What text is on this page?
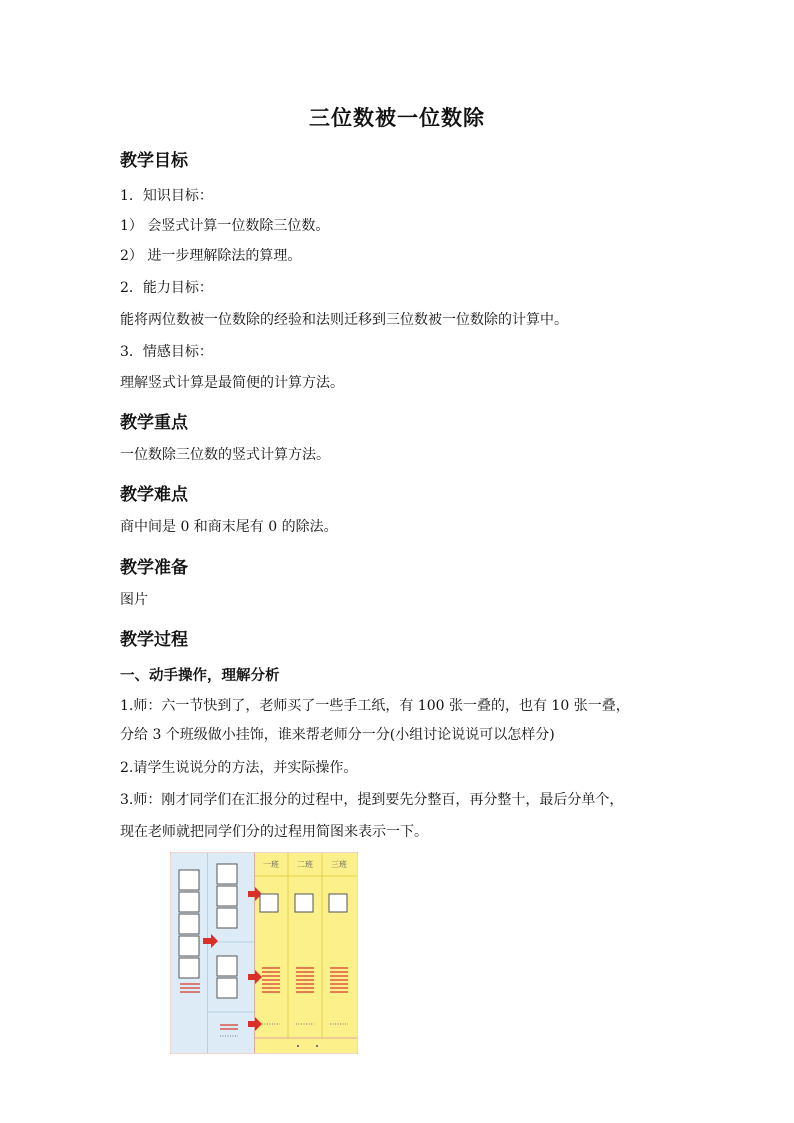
三位数被一位数除
教学目标
1．知识目标：
1） 会竖式计算一位数除三位数。
2） 进一步理解除法的算理。
2．能力目标：
能将两位数被一位数除的经验和法则迁移到三位数被一位数除的计算中。
3．情感目标：
理解竖式计算是最简便的计算方法。
教学重点
一位数除三位数的竖式计算方法。
教学难点
商中间是 0 和商末尾有 0 的除法。
教学准备
图片
教学过程
一、动手操作，理解分析
1.师：六一节快到了，老师买了一些手工纸，有 100 张一叠的，也有 10 张一叠，
分给 3 个班级做小挂饰，谁来帮老师分一分(小组讨论说说可以怎样分)
2.请学生说说分的方法，并实际操作。
3.师：刚才同学们在汇报分的过程中，提到要先分整百，再分整十，最后分单个，
现在老师就把同学们分的过程用简图来表示一下。
一班 二班 三班
